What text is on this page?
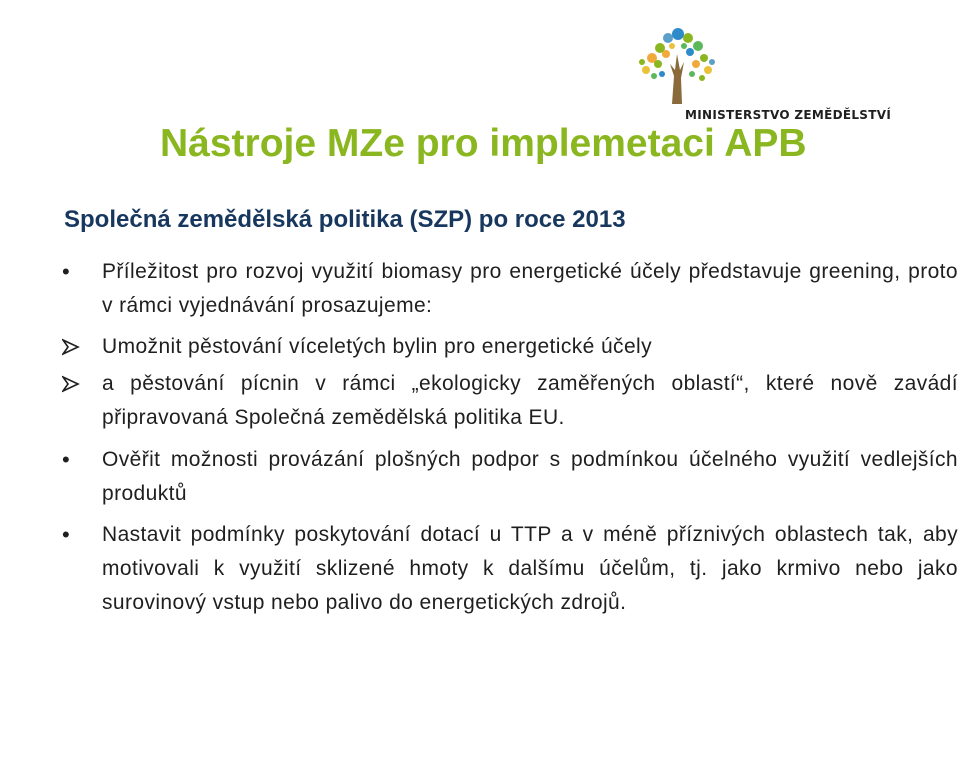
MINISTERSTVO ZEMĚDĚLSTVÍ
Nástroje MZe pro implemetaci APB
Společná zemědělská politika (SZP) po roce 2013
•	Příležitost pro rozvoj využití biomasy pro energetické účely představuje greening, proto v rámci vyjednávání prosazujeme:
Umožnit pěstování víceletých bylin pro energetické účely
a pěstování pícnin v rámci „ekologicky zaměřených oblastí“, které nově zavádí připravovaná Společná zemědělská politika EU.
•	Ověřit možnosti provázání plošných podpor s podmínkou účelného využití vedlejších produktů
•	Nastavit podmínky poskytování dotací u TTP a v méně příznivých oblastech tak, aby motivovali k využití sklizené hmoty k dalšímu účelům, tj. jako krmivo nebo jako surovinový vstup nebo palivo do energetických zdrojů.
